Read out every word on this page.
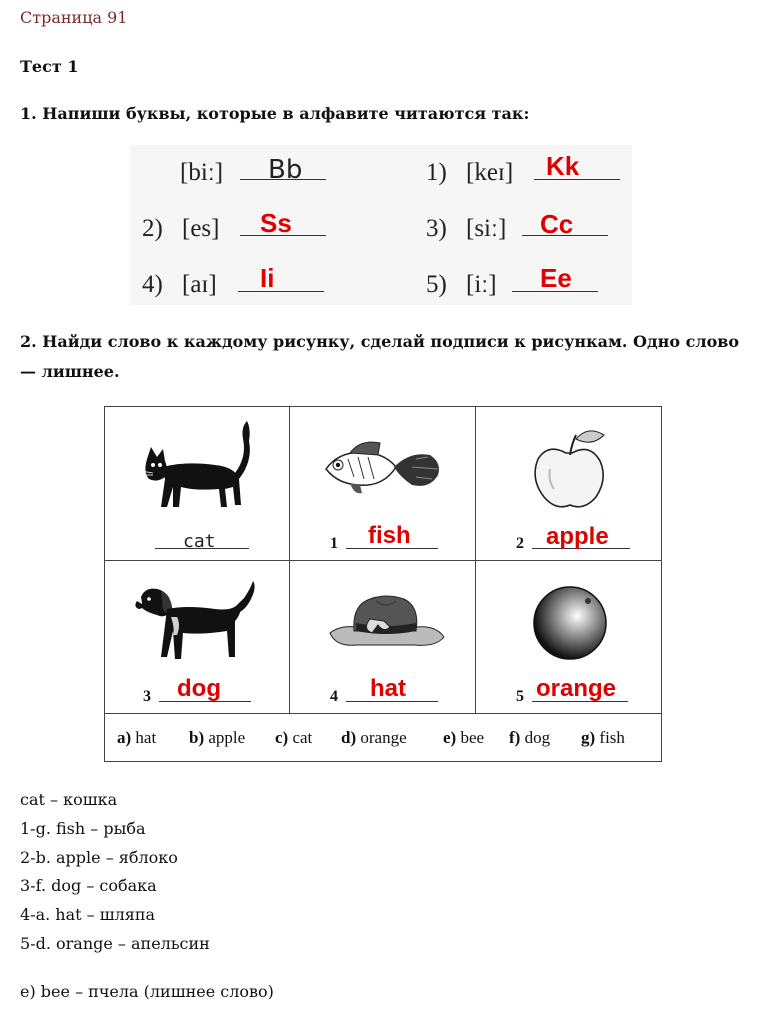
Страница 91
Тест 1
1. Напиши буквы, которые в алфавите читаются так:
[biː] Bb	1) [keɪ] Kk
2) [es] Ss	3) [siː] Cc
4) [aɪ] Ii	5) [iː] Ee
2. Найди слово к каждому рисунку, сделай подписи к рисункам. Одно слово — лишнее.
cat	1 fish	2 apple
3 dog	4 hat	5 orange
a) hat b) apple c) cat d) orange e) bee f) dog g) fish
cat – кошка
1-g. fish – рыба
2-b. apple – яблоко
3-f. dog – собака
4-a. hat – шляпа
5-d. orange – апельсин
e) bee – пчела (лишнее слово)
